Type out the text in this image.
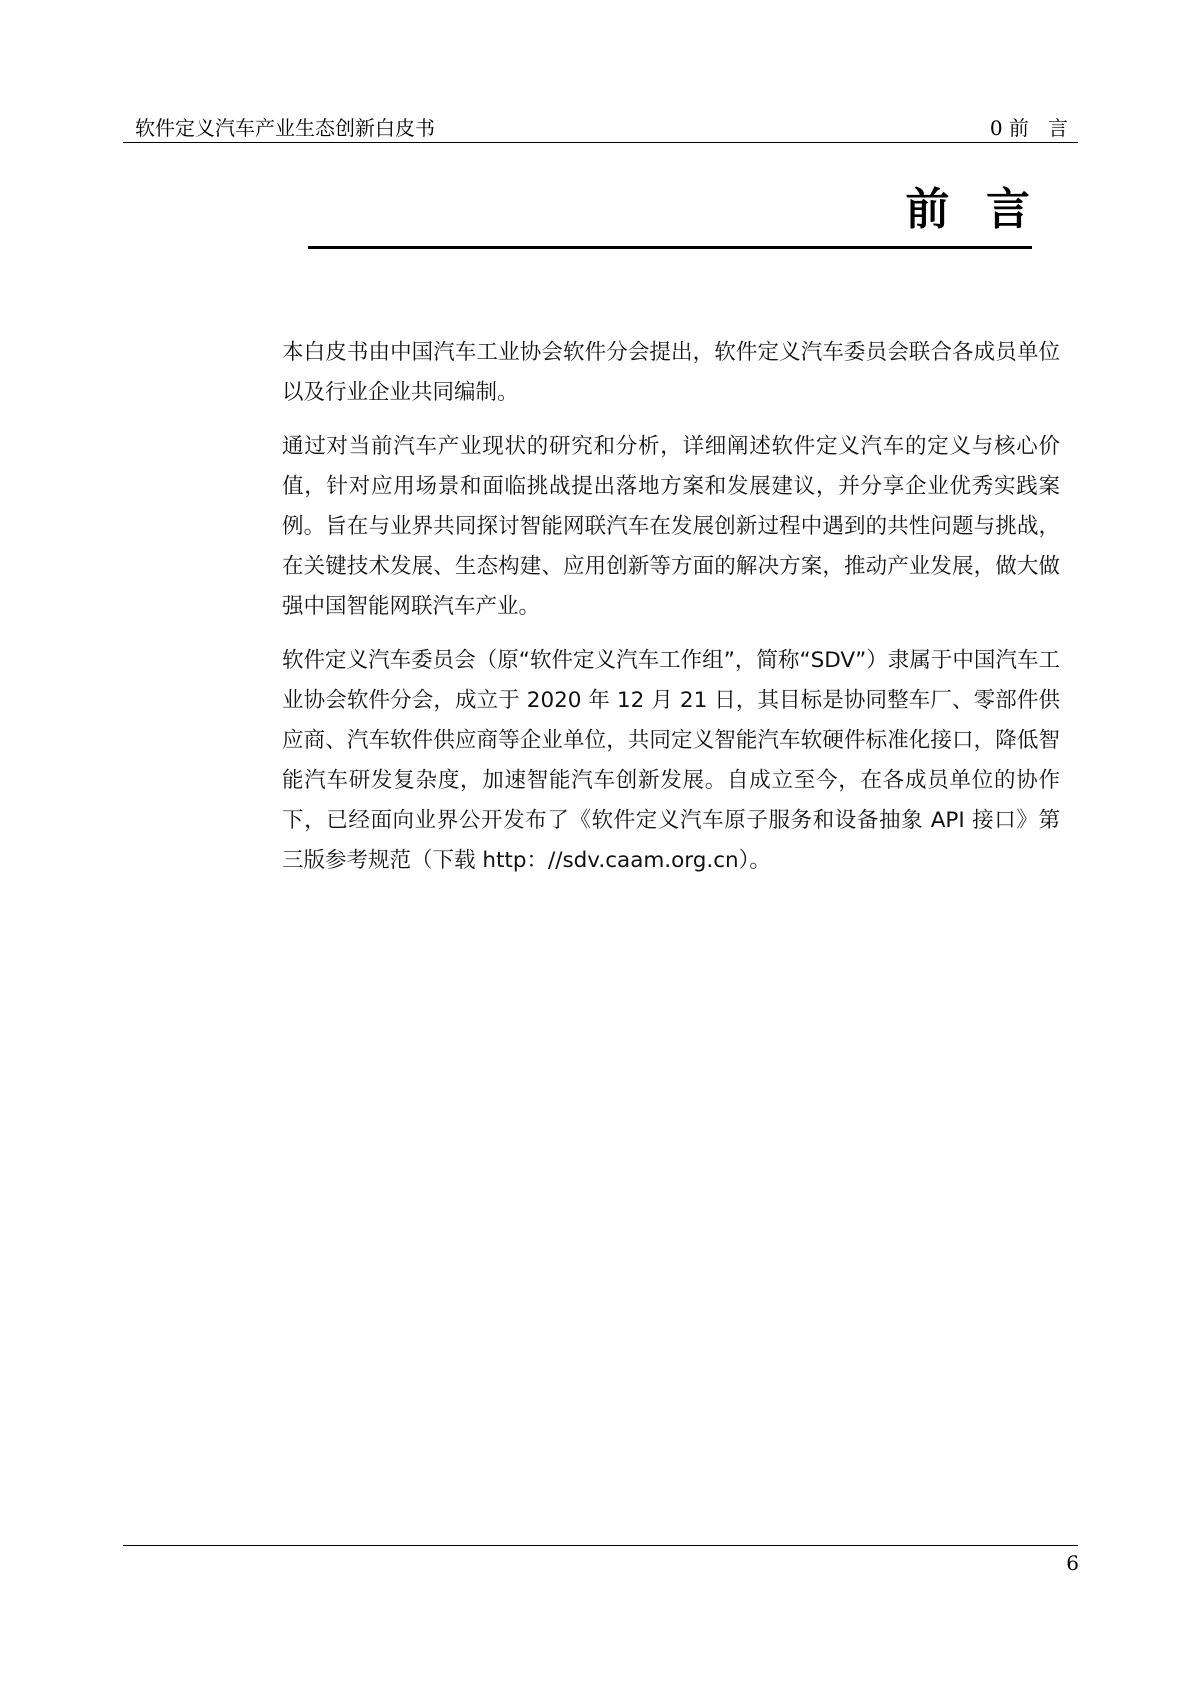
软件定义汽车产业生态创新白皮书	0 前   言
前  言

本白皮书由中国汽车工业协会软件分会提出，软件定义汽车委员会联合各成员单位以及行业企业共同编制。

通过对当前汽车产业现状的研究和分析，详细阐述软件定义汽车的定义与核心价值，针对应用场景和面临挑战提出落地方案和发展建议，并分享企业优秀实践案例。旨在与业界共同探讨智能网联汽车在发展创新过程中遇到的共性问题与挑战，在关键技术发展、生态构建、应用创新等方面的解决方案，推动产业发展，做大做强中国智能网联汽车产业。

软件定义汽车委员会（原“软件定义汽车工作组”，简称“SDV”）隶属于中国汽车工业协会软件分会，成立于 2020 年 12 月 21 日，其目标是协同整车厂、零部件供应商、汽车软件供应商等企业单位，共同定义智能汽车软硬件标准化接口，降低智能汽车研发复杂度，加速智能汽车创新发展。自成立至今，在各成员单位的协作下，已经面向业界公开发布了《软件定义汽车原子服务和设备抽象 API 接口》第三版参考规范（下载 http：//sdv.caam.org.cn）。

6
